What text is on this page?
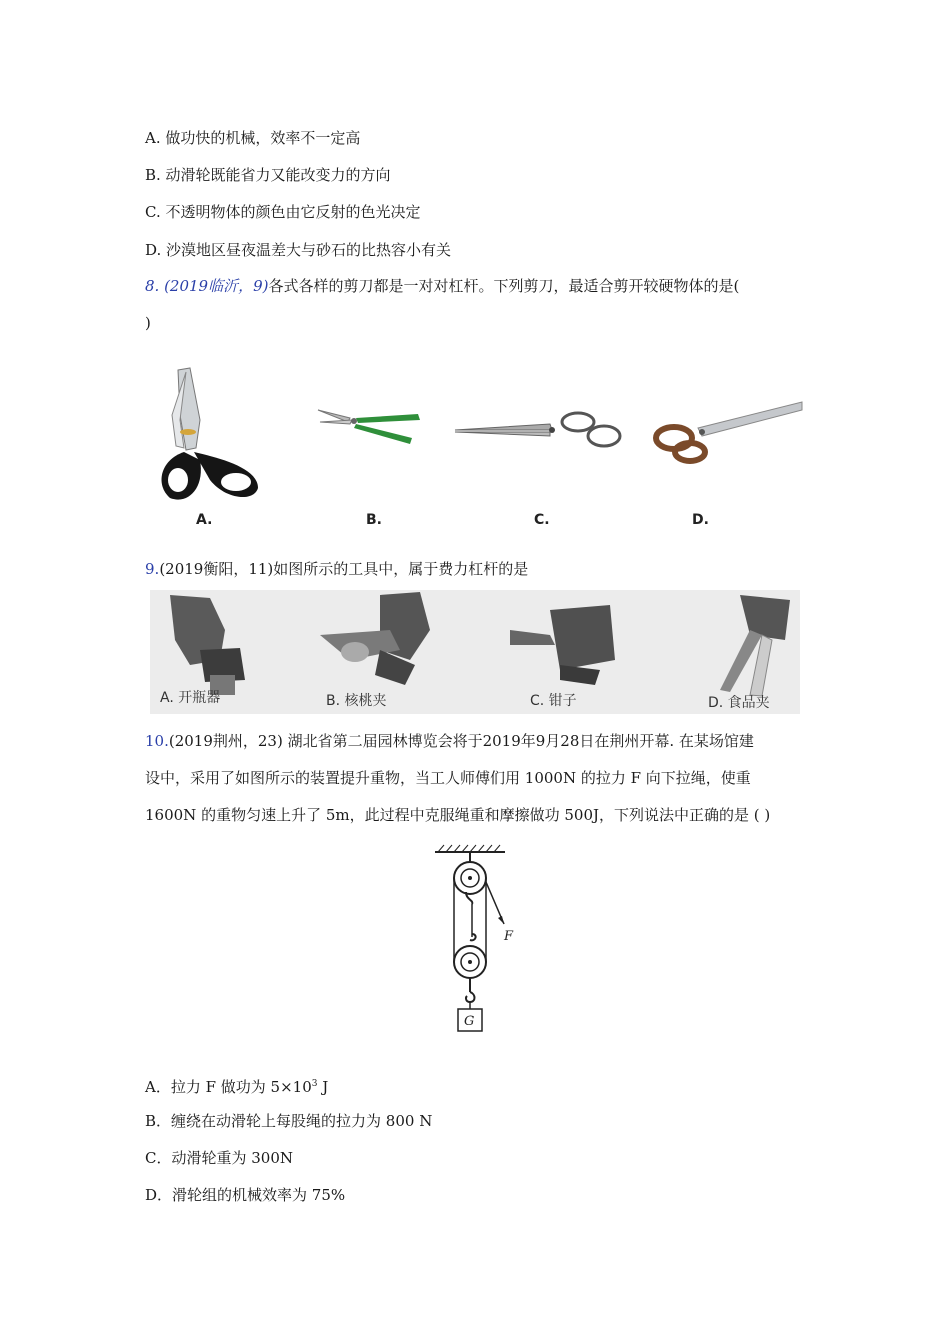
A. 做功快的机械，效率不一定高
B. 动滑轮既能省力又能改变力的方向
C. 不透明物体的颜色由它反射的色光决定
D. 沙漠地区昼夜温差大与砂石的比热容小有关
8. (2019临沂，9)各式各样的剪刀都是一对对杠杆。下列剪刀，最适合剪开较硬物体的是(
)
A.	B.	C.	D.
9.(2019衡阳，11)如图所示的工具中，属于费力杠杆的是
A. 开瓶器	B. 核桃夹	C. 钳子	D. 食品夹
10.(2019荆州，23) 湖北省第二届园林博览会将于2019年9月28日在荆州开幕. 在某场馆建
设中，采用了如图所示的装置提升重物，当工人师傅们用 1000N 的拉力 F 向下拉绳，使重
1600N 的重物匀速上升了 5m，此过程中克服绳重和摩擦做功 500J，下列说法中正确的是 ( )
F
G
A．拉力 F 做功为 $5\times 10^3$ J
B．缠绕在动滑轮上每股绳的拉力为 800 N
C．动滑轮重为 300N
D．滑轮组的机械效率为 75%
